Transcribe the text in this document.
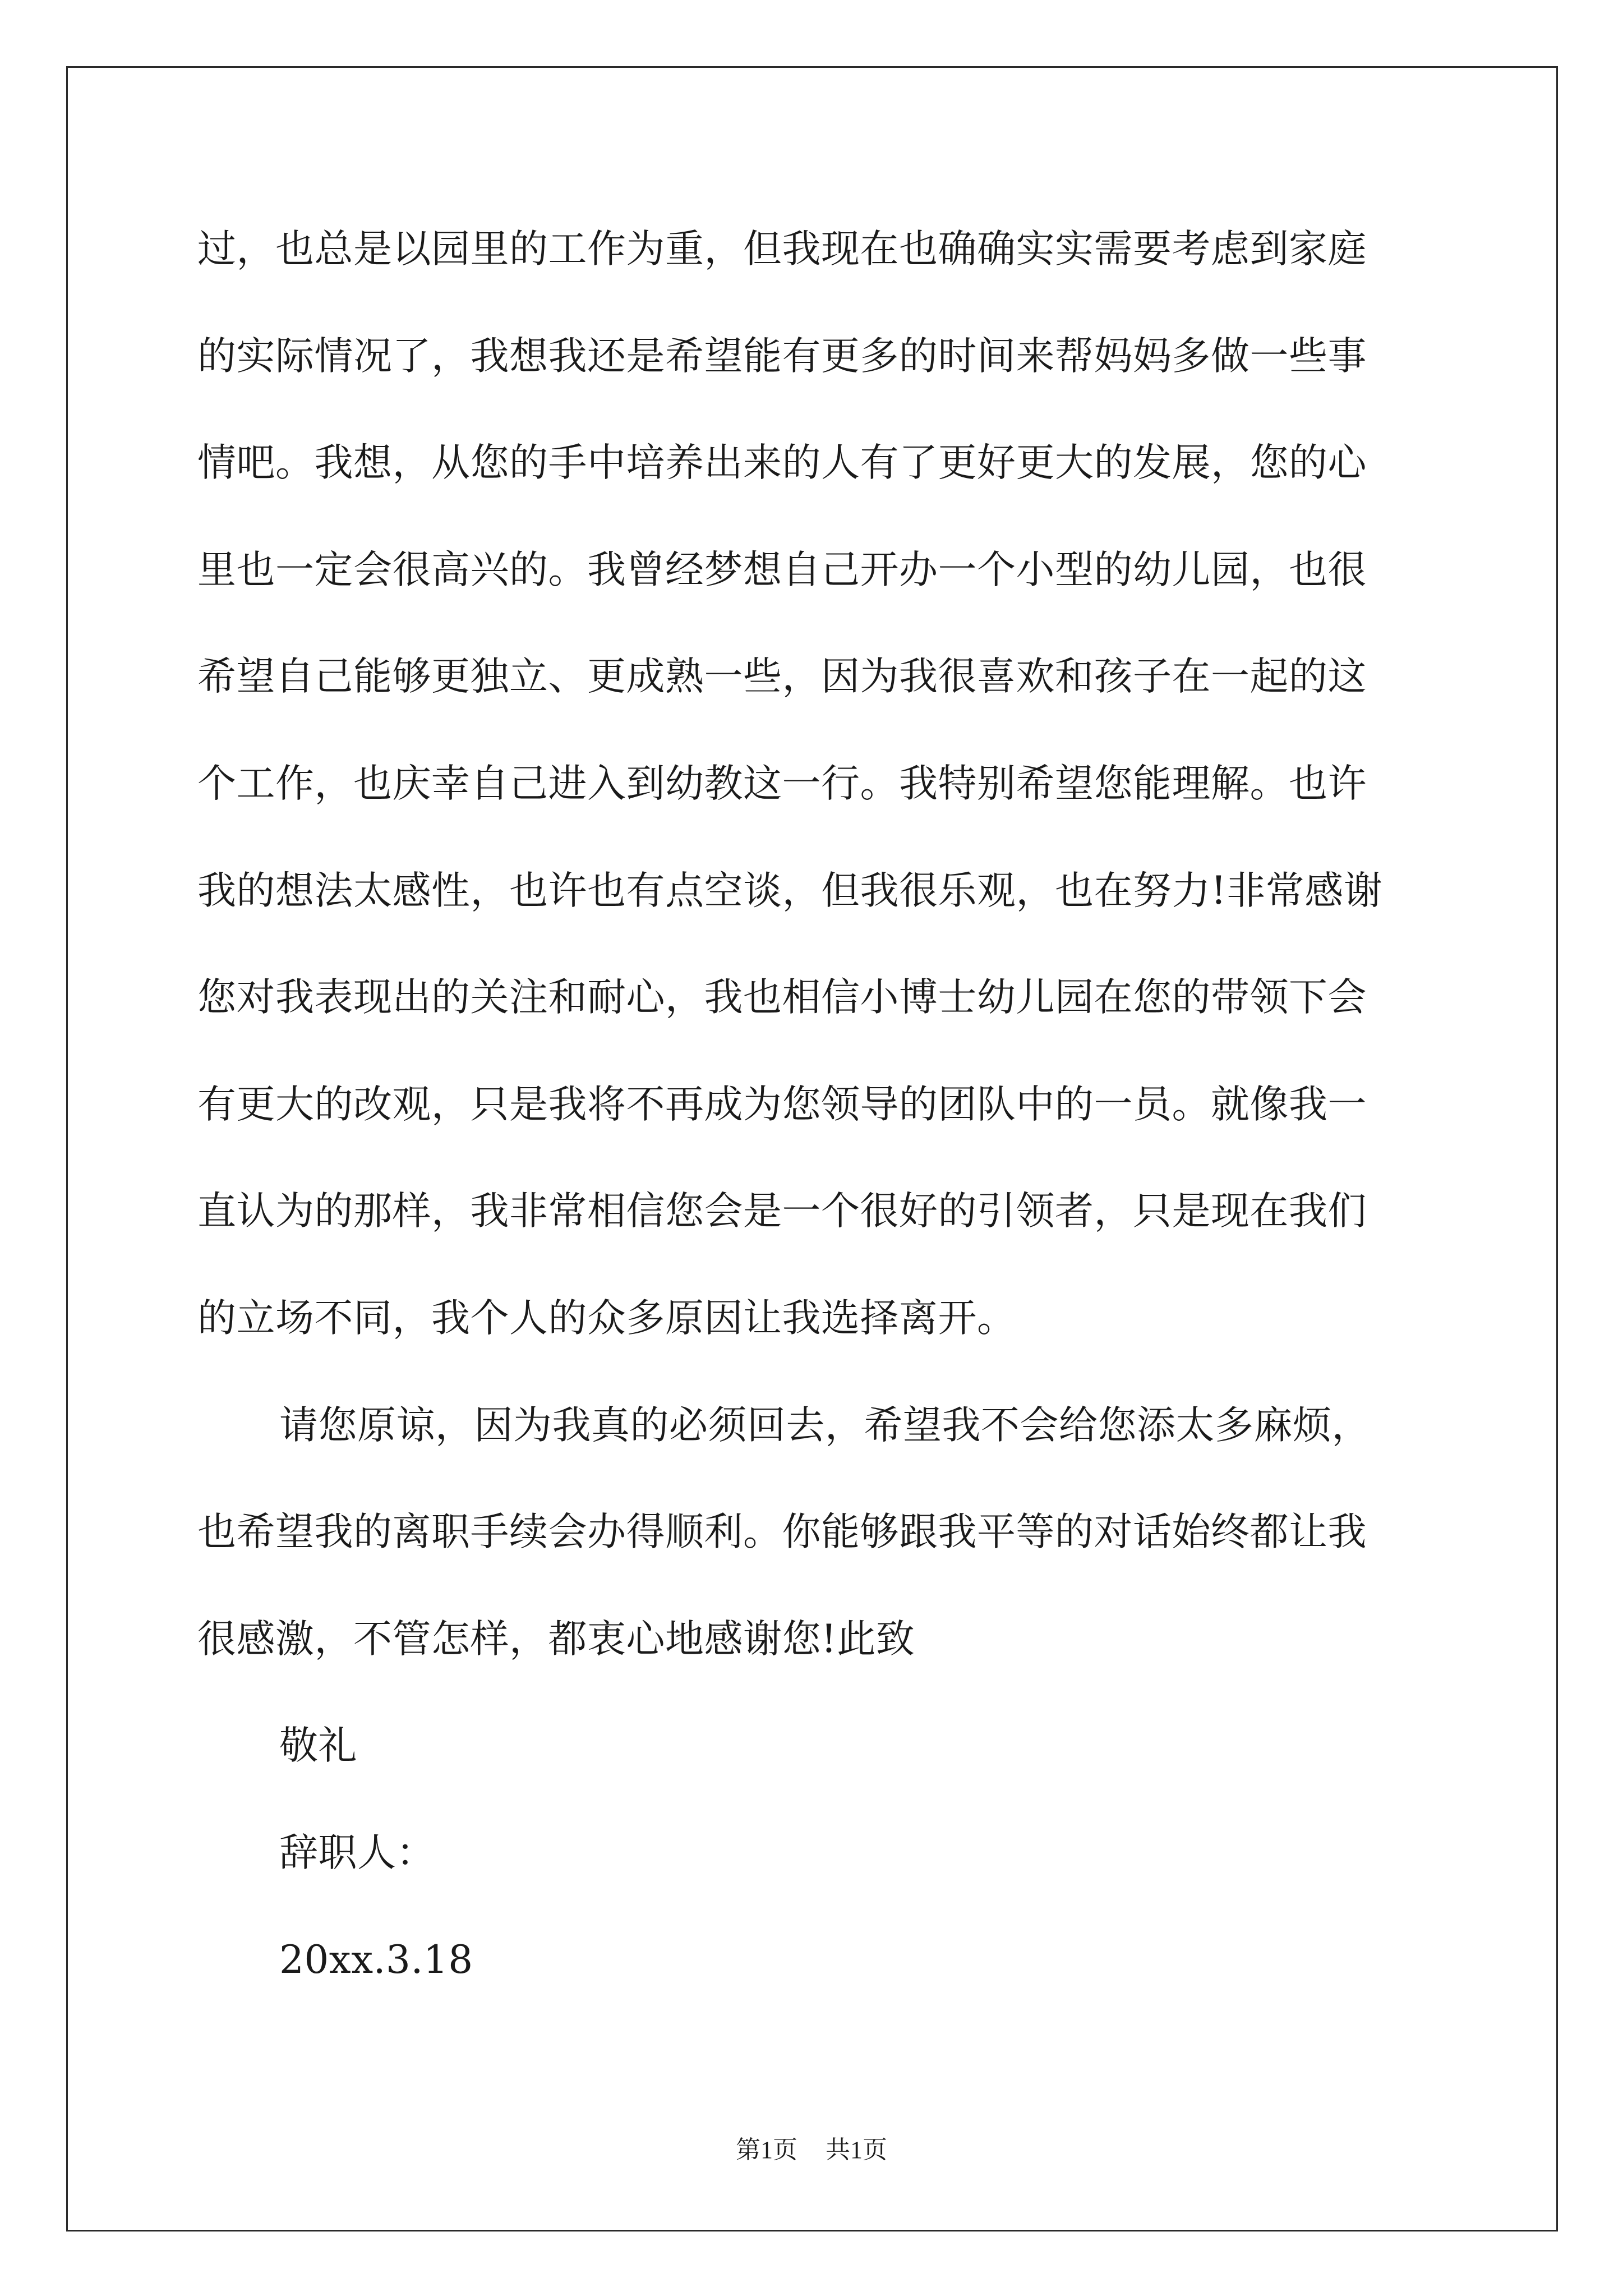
过，也总是以园里的工作为重，但我现在也确确实实需要考虑到家庭
的实际情况了，我想我还是希望能有更多的时间来帮妈妈多做一些事
情吧。我想，从您的手中培养出来的人有了更好更大的发展，您的心
里也一定会很高兴的。我曾经梦想自己开办一个小型的幼儿园，也很
希望自己能够更独立、更成熟一些，因为我很喜欢和孩子在一起的这
个工作，也庆幸自己进入到幼教这一行。我特别希望您能理解。也许
我的想法太感性，也许也有点空谈，但我很乐观，也在努力!非常感谢
您对我表现出的关注和耐心，我也相信小博士幼儿园在您的带领下会
有更大的改观，只是我将不再成为您领导的团队中的一员。就像我一
直认为的那样，我非常相信您会是一个很好的引领者，只是现在我们
的立场不同，我个人的众多原因让我选择离开。
请您原谅，因为我真的必须回去，希望我不会给您添太多麻烦，
也希望我的离职手续会办得顺利。你能够跟我平等的对话始终都让我
很感激，不管怎样，都衷心地感谢您!此致
敬礼
辞职人：
20xx.3.18
第1页 共1页
